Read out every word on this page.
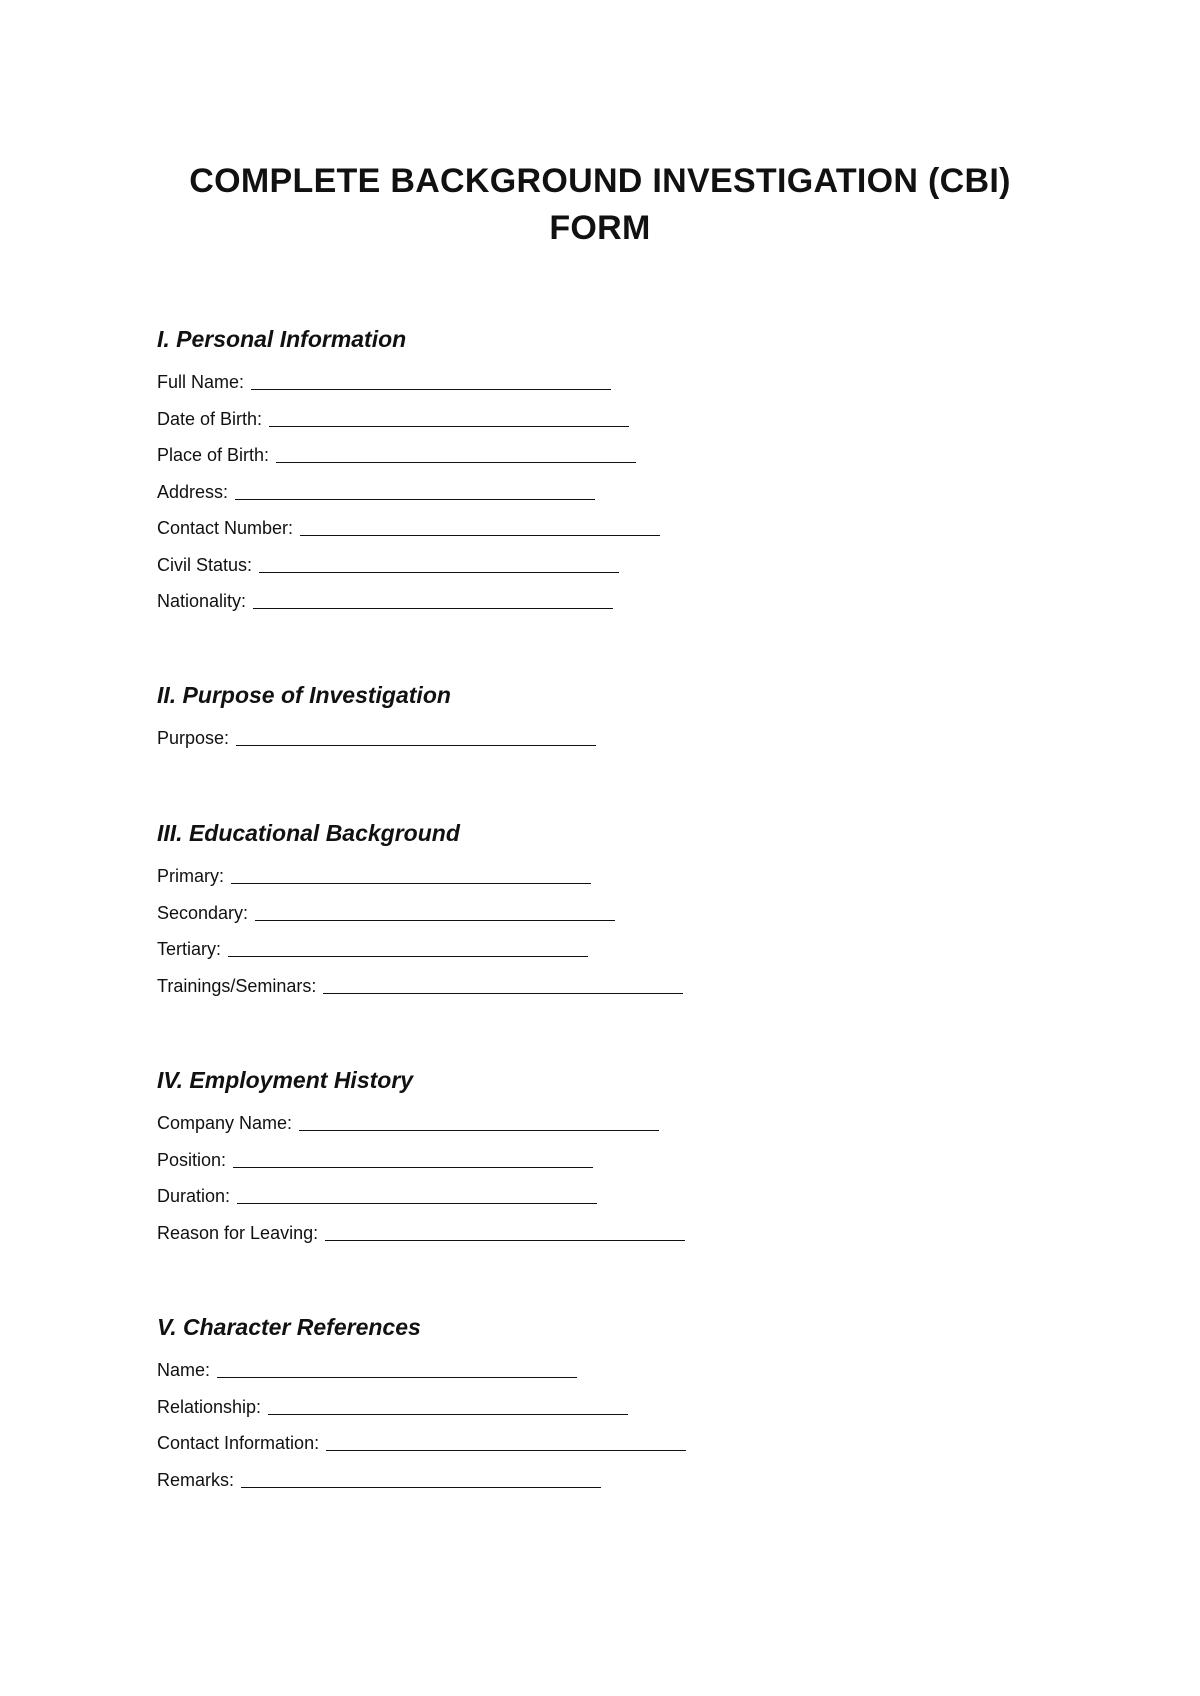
COMPLETE BACKGROUND INVESTIGATION (CBI)
FORM
I. Personal Information
Full Name:
Date of Birth:
Place of Birth:
Address:
Contact Number:
Civil Status:
Nationality:
II. Purpose of Investigation
Purpose:
III. Educational Background
Primary:
Secondary:
Tertiary:
Trainings/Seminars:
IV. Employment History
Company Name:
Position:
Duration:
Reason for Leaving:
V. Character References
Name:
Relationship:
Contact Information:
Remarks:
